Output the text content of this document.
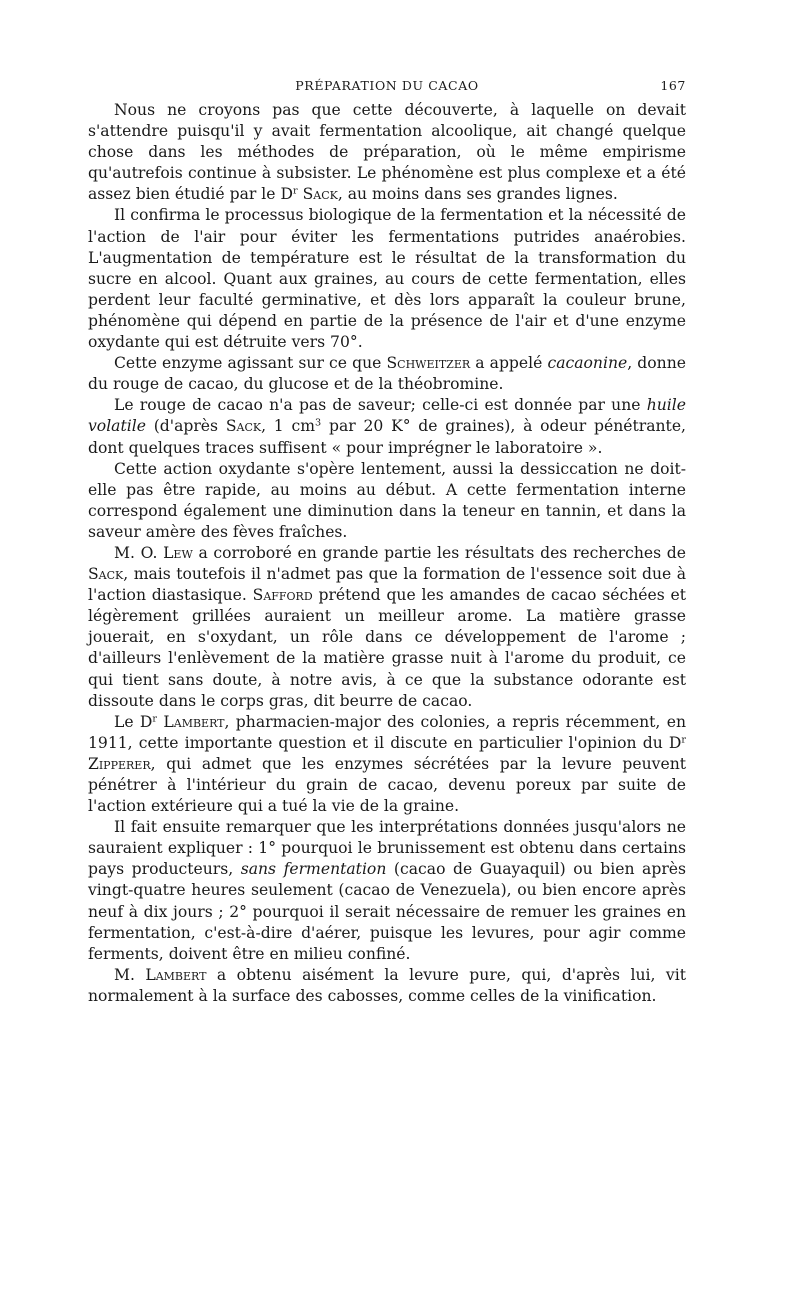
PRÉPARATION DU CACAO	167

Nous ne croyons pas que cette découverte, à laquelle on devait s'attendre puisqu'il y avait fermentation alcoolique, ait changé quelque chose dans les méthodes de préparation, où le même empirisme qu'autrefois continue à subsister. Le phénomène est plus complexe et a été assez bien étudié par le $D^r$ Sack, au moins dans ses grandes lignes.

Il confirma le processus biologique de la fermentation et la nécessité de l'action de l'air pour éviter les fermentations putrides anaérobies. L'augmentation de température est le résultat de la transformation du sucre en alcool. Quant aux graines, au cours de cette fermentation, elles perdent leur faculté germinative, et dès lors apparaît la couleur brune, phénomène qui dépend en partie de la présence de l'air et d'une enzyme oxydante qui est détruite vers 70°.

Cette enzyme agissant sur ce que Schweitzer a appelé cacaonine, donne du rouge de cacao, du glucose et de la théobromine.

Le rouge de cacao n'a pas de saveur; celle-ci est donnée par une huile volatile (d'après Sack, 1 $cm^3$ par 20 K° de graines), à odeur pénétrante, dont quelques traces suffisent « pour imprégner le laboratoire ».

Cette action oxydante s'opère lentement, aussi la dessiccation ne doit-elle pas être rapide, au moins au début. A cette fermentation interne correspond également une diminution dans la teneur en tannin, et dans la saveur amère des fèves fraîches.

M. O. Lew a corroboré en grande partie les résultats des recherches de Sack, mais toutefois il n'admet pas que la formation de l'essence soit due à l'action diastasique. Safford prétend que les amandes de cacao séchées et légèrement grillées auraient un meilleur arome. La matière grasse jouerait, en s'oxydant, un rôle dans ce développement de l'arome ; d'ailleurs l'enlèvement de la matière grasse nuit à l'arome du produit, ce qui tient sans doute, à notre avis, à ce que la substance odorante est dissoute dans le corps gras, dit beurre de cacao.

Le $D^r$ Lambert, pharmacien-major des colonies, a repris récemment, en 1911, cette importante question et il discute en particulier l'opinion du $D^r$ Zipperer, qui admet que les enzymes sécrétées par la levure peuvent pénétrer à l'intérieur du grain de cacao, devenu poreux par suite de l'action extérieure qui a tué la vie de la graine.

Il fait ensuite remarquer que les interprétations données jusqu'alors ne sauraient expliquer : 1° pourquoi le brunissement est obtenu dans certains pays producteurs, sans fermentation (cacao de Guayaquil) ou bien après vingt-quatre heures seulement (cacao de Venezuela), ou bien encore après neuf à dix jours ; 2° pourquoi il serait nécessaire de remuer les graines en fermentation, c'est-à-dire d'aérer, puisque les levures, pour agir comme ferments, doivent être en milieu confiné.

M. Lambert a obtenu aisément la levure pure, qui, d'après lui, vit normalement à la surface des cabosses, comme celles de la vinification.
